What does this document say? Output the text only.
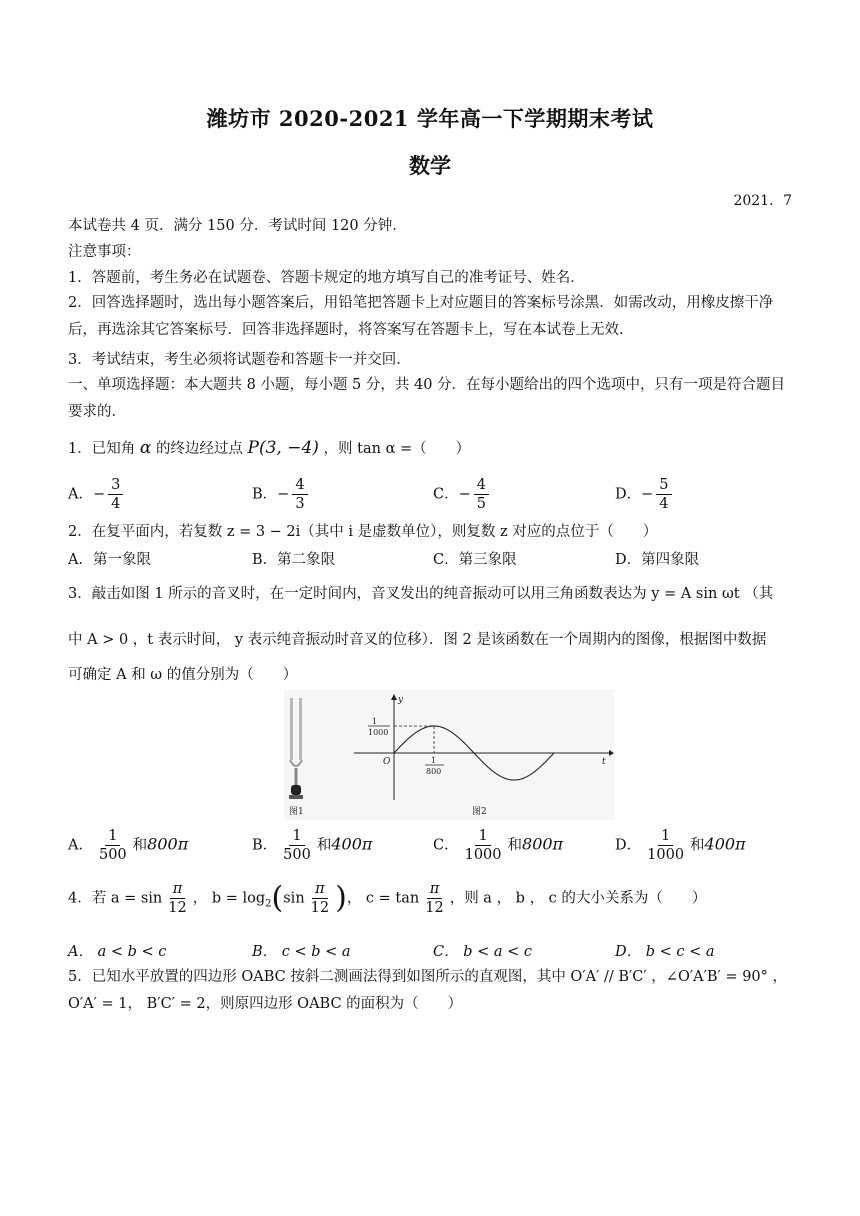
潍坊市 2020-2021 学年高一下学期期末考试
数学
2021．7
本试卷共 4 页．满分 150 分．考试时间 120 分钟．
注意事项：
1．答题前，考生务必在试题卷、答题卡规定的地方填写自己的准考证号、姓名．
2．回答选择题时，选出每小题答案后，用铅笔把答题卡上对应题目的答案标号涂黑．如需改动，用橡皮擦干净后，再选涂其它答案标号．回答非选择题时，将答案写在答题卡上，写在本试卷上无效．
3．考试结束，考生必须将试题卷和答题卡一并交回．
一、单项选择题：本大题共 8 小题，每小题 5 分，共 40 分．在每小题给出的四个选项中，只有一项是符合题目要求的．
1．已知角 α 的终边经过点 P(3, −4) ，则 tan α =（　　）
A．− $\frac{3}{4}$	B．− $\frac{4}{3}$	C．− $\frac{4}{5}$	D．− $\frac{5}{4}$
2．在复平面内，若复数 z = 3 − 2i（其中 i 是虚数单位），则复数 z 对应的点位于（　　）
A．第一象限	B．第二象限	C．第三象限	D．第四象限
3．敲击如图 1 所示的音叉时，在一定时间内，音叉发出的纯音振动可以用三角函数表达为 y = A sin ωt （其
中 A > 0 ，t 表示时间， y 表示纯音振动时音叉的位移）．图 2 是该函数在一个周期内的图像，根据图中数据
可确定 A 和 ω 的值分别为（　　）
图1
y
t
O
1
1000
1
800
图2
A． $\frac{1}{500}$ 和800π	B． $\frac{1}{500}$ 和400π	C． $\frac{1}{1000}$ 和800π	D． $\frac{1}{1000}$ 和400π
4．若 $a = \sin \frac{\pi}{12}$ ， $b = \log_2(\sin \frac{\pi}{12}$ )， $c = \tan \frac{\pi}{12}$ ，则 a ， b ， c 的大小关系为（　　）
A． a < b < c	B． c < b < a	C． b < a < c	D． b < c < a
5．已知水平放置的四边形 OABC 按斜二测画法得到如图所示的直观图，其中 O′A′ // B′C′ ，∠O′A′B′ = 90° ，
O′A′ = 1， B′C′ = 2，则原四边形 OABC 的面积为（　　）
